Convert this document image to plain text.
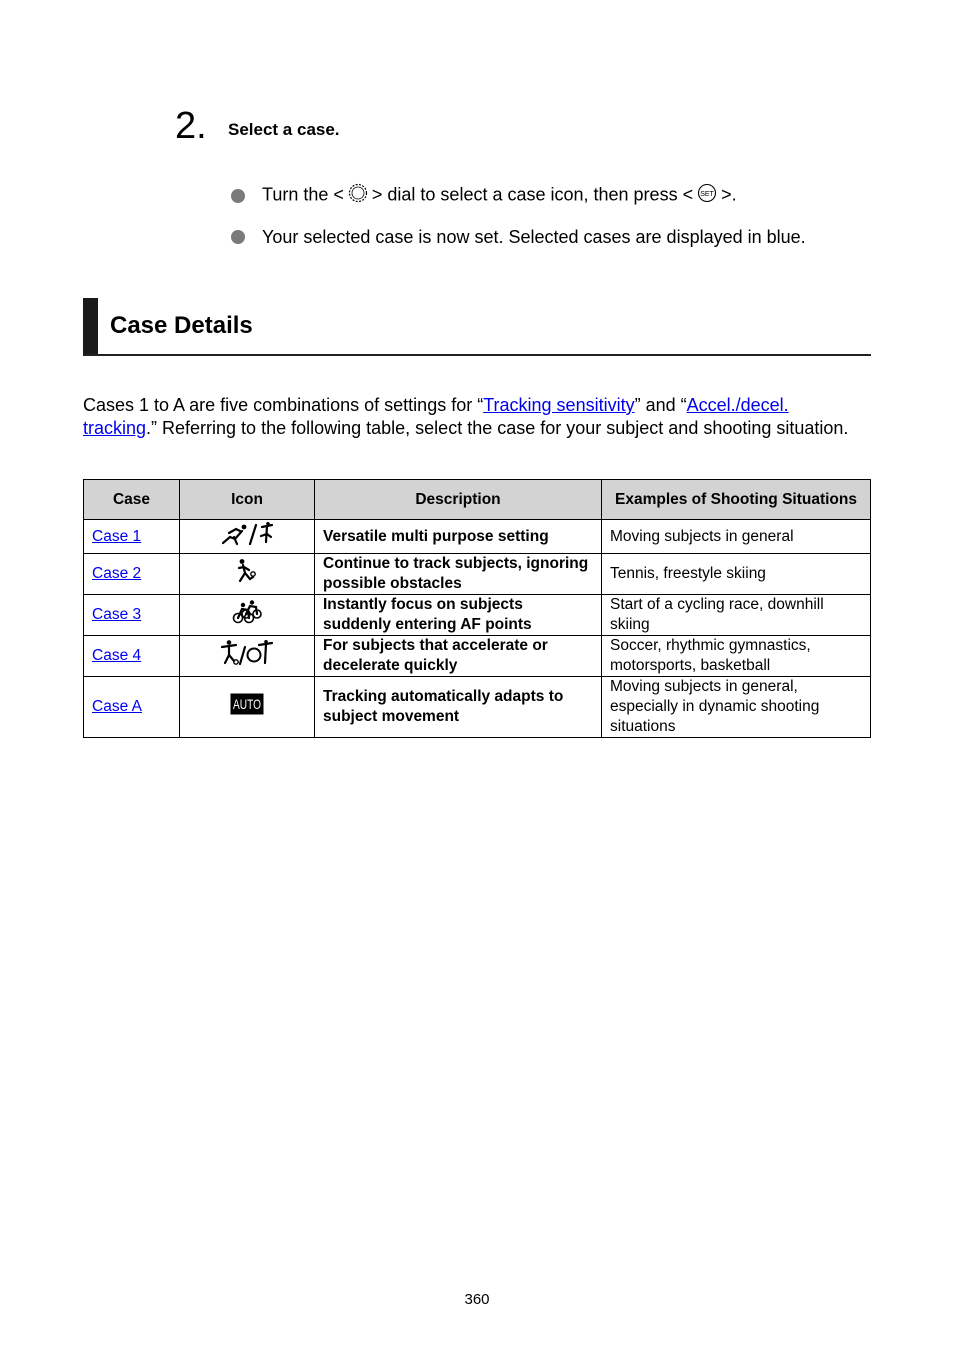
2. Select a case.
Turn the < > dial to select a case icon, then press < SET >.
Your selected case is now set. Selected cases are displayed in blue.
Case Details
Cases 1 to A are five combinations of settings for “Tracking sensitivity” and “Accel./decel.
tracking.” Referring to the following table, select the case for your subject and shooting situation.
Case	Icon	Description	Examples of Shooting Situations
Case 1		Versatile multi purpose setting	Moving subjects in general
Case 2		Continue to track subjects, ignoring possible obstacles	Tennis, freestyle skiing
Case 3		Instantly focus on subjects suddenly entering AF points	Start of a cycling race, downhill skiing
Case 4		For subjects that accelerate or decelerate quickly	Soccer, rhythmic gymnastics, motorsports, basketball
Case A	AUTO	Tracking automatically adapts to subject movement	Moving subjects in general, especially in dynamic shooting situations
360
